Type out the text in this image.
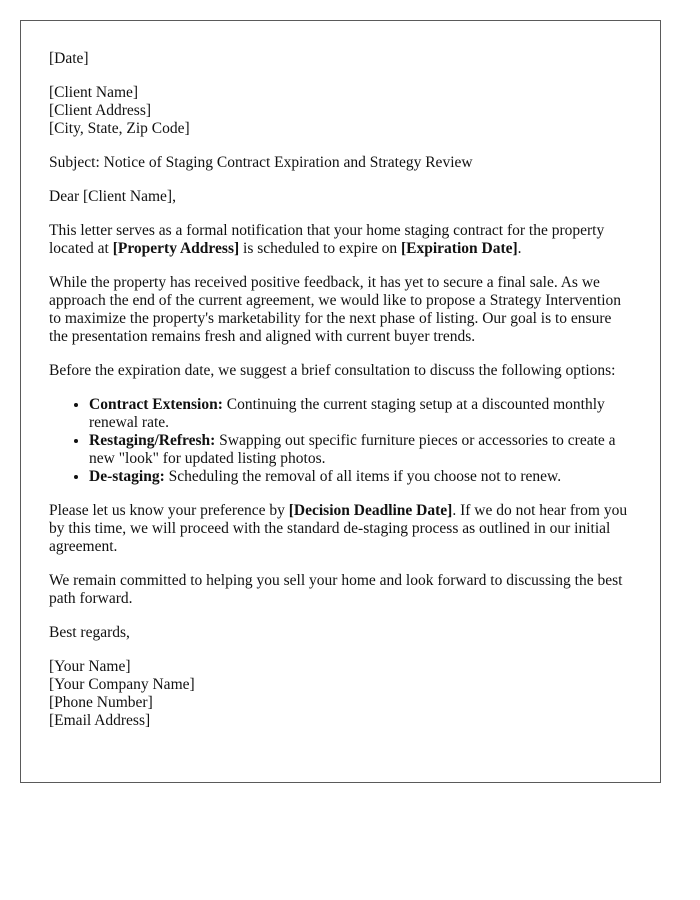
[Date]
[Client Name]
[Client Address]
[City, State, Zip Code]

Subject: Notice of Staging Contract Expiration and Strategy Review

Dear [Client Name],

This letter serves as a formal notification that your home staging contract for the property located at [Property Address] is scheduled to expire on [Expiration Date].

While the property has received positive feedback, it has yet to secure a final sale. As we approach the end of the current agreement, we would like to propose a Strategy Intervention to maximize the property's marketability for the next phase of listing. Our goal is to ensure the presentation remains fresh and aligned with current buyer trends.

Before the expiration date, we suggest a brief consultation to discuss the following options:

• Contract Extension: Continuing the current staging setup at a discounted monthly renewal rate.
• Restaging/Refresh: Swapping out specific furniture pieces or accessories to create a new "look" for updated listing photos.
• De-staging: Scheduling the removal of all items if you choose not to renew.

Please let us know your preference by [Decision Deadline Date]. If we do not hear from you by this time, we will proceed with the standard de-staging process as outlined in our initial agreement.

We remain committed to helping you sell your home and look forward to discussing the best path forward.

Best regards,

[Your Name]
[Your Company Name]
[Phone Number]
[Email Address]
